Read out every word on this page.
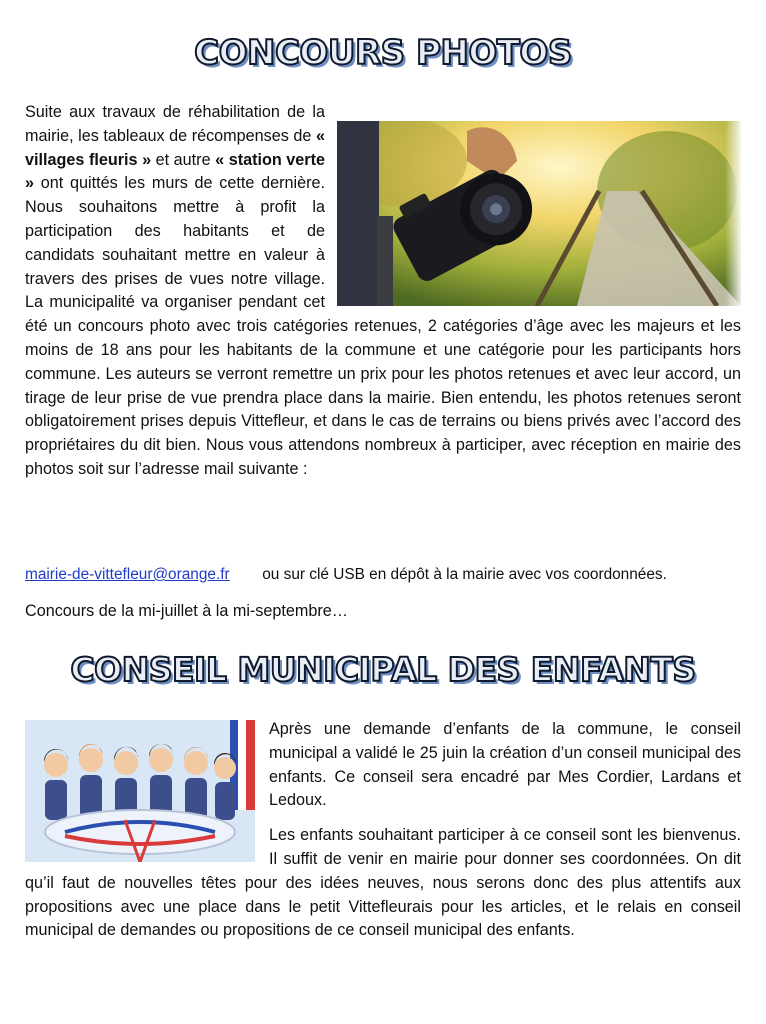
CONCOURS PHOTOS
Suite aux travaux de réhabilitation de la mairie, les tableaux de récompenses de « villages fleuris » et autre « station verte » ont quittés les murs de cette dernière. Nous souhaitons mettre à profit la participation des habitants et de candidats souhaitant mettre en valeur à travers des prises de vues notre village. La municipalité va organiser pendant cet été un concours photo avec trois catégories retenues, 2 catégories d’âge avec les majeurs et les moins de 18 ans pour les habitants de la commune et une catégorie pour les participants hors commune. Les auteurs se verront remettre un prix pour les photos retenues et avec leur accord, un tirage de leur prise de vue prendra place dans la mairie. Bien entendu, les photos retenues seront obligatoirement prises depuis Vittefleur, et dans le cas de terrains ou biens privés avec l’accord des propriétaires du dit bien. Nous vous attendons nombreux à participer, avec réception en mairie des photos soit sur l’adresse mail suivante :
mairie-de-vittefleur@orange.fr ou sur clé USB en dépôt à la mairie avec vos coordonnées.
Concours de la mi-juillet à la mi-septembre…
CONSEIL MUNICIPAL DES ENFANTS

Après une demande d’enfants de la commune, le conseil municipal a validé le 25 juin la création d’un conseil municipal des enfants. Ce conseil sera encadré par Mes Cordier, Lardans et Ledoux.

Les enfants souhaitant participer à ce conseil sont les bienvenus. Il suffit de venir en mairie pour donner ses coordonnées. On dit qu’il faut de nouvelles têtes pour des idées neuves, nous serons donc des plus attentifs aux propositions avec une place dans le petit Vittefleurais pour les articles, et le relais en conseil municipal de demandes ou propositions de ce conseil municipal des enfants.
